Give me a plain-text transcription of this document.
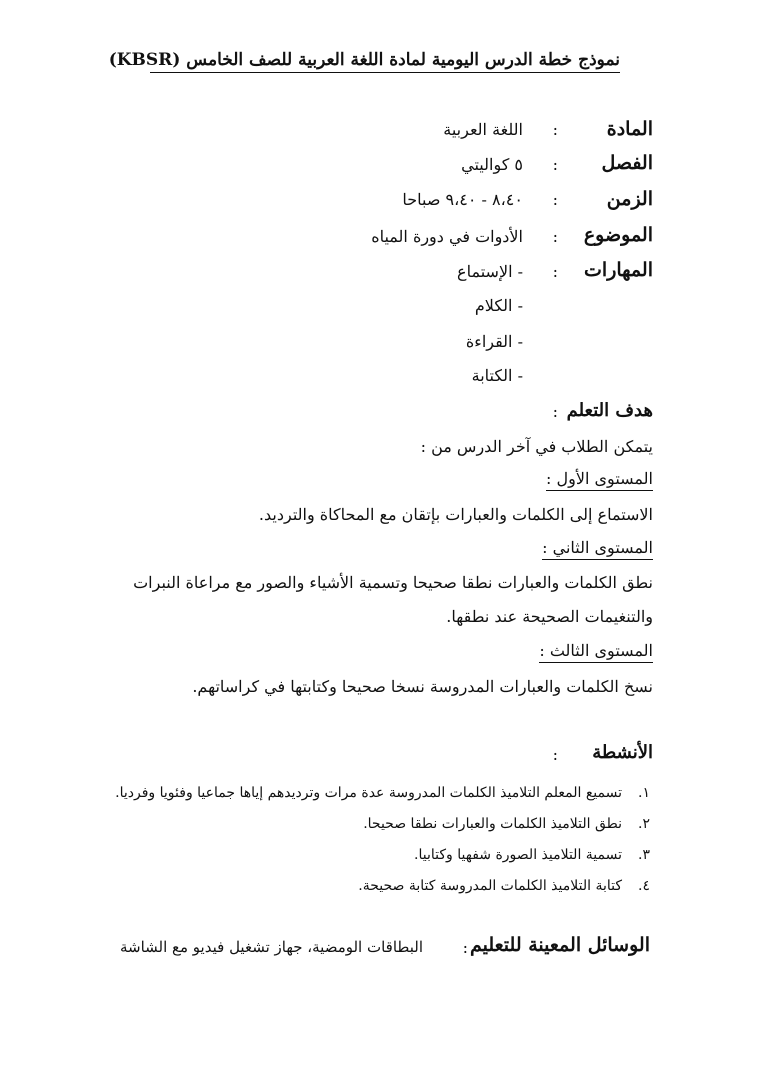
نموذج خطة الدرس اليومية لمادة اللغة العربية للصف الخامس (KBSR)
المادة
:
اللغة العربية
الفصل
:
٥ كواليتي
الزمن
:
٨،٤٠ - ٩،٤٠ صباحا
الموضوع
:
الأدوات في دورة المياه
المهارات
:
- الإستماع
- الكلام
- القراءة
- الكتابة
هدف التعلم
:
يتمكن الطلاب في آخر الدرس من :
المستوى الأول :
الاستماع إلى الكلمات والعبارات بإتقان مع المحاكاة والترديد.
المستوى الثاني :
نطق الكلمات والعبارات نطقا صحيحا وتسمية الأشياء والصور مع مراعاة النبرات
والتنغيمات الصحيحة عند نطقها.
المستوى الثالث :
نسخ الكلمات والعبارات المدروسة نسخا صحيحا وكتابتها في كراساتهم.
الأنشطة
:
١.تسميع المعلم التلاميذ الكلمات المدروسة عدة مرات وترديدهم إياها جماعيا وفئويا وفرديا.
٢.نطق التلاميذ الكلمات والعبارات نطقا صحيحا.
٣.تسمية التلاميذ الصورة شفهيا وكتابيا.
٤.كتابة التلاميذ الكلمات المدروسة كتابة صحيحة.
الوسائل المعينة للتعليم
:
البطاقات الومضية، جهاز تشغيل فيديو مع الشاشة
